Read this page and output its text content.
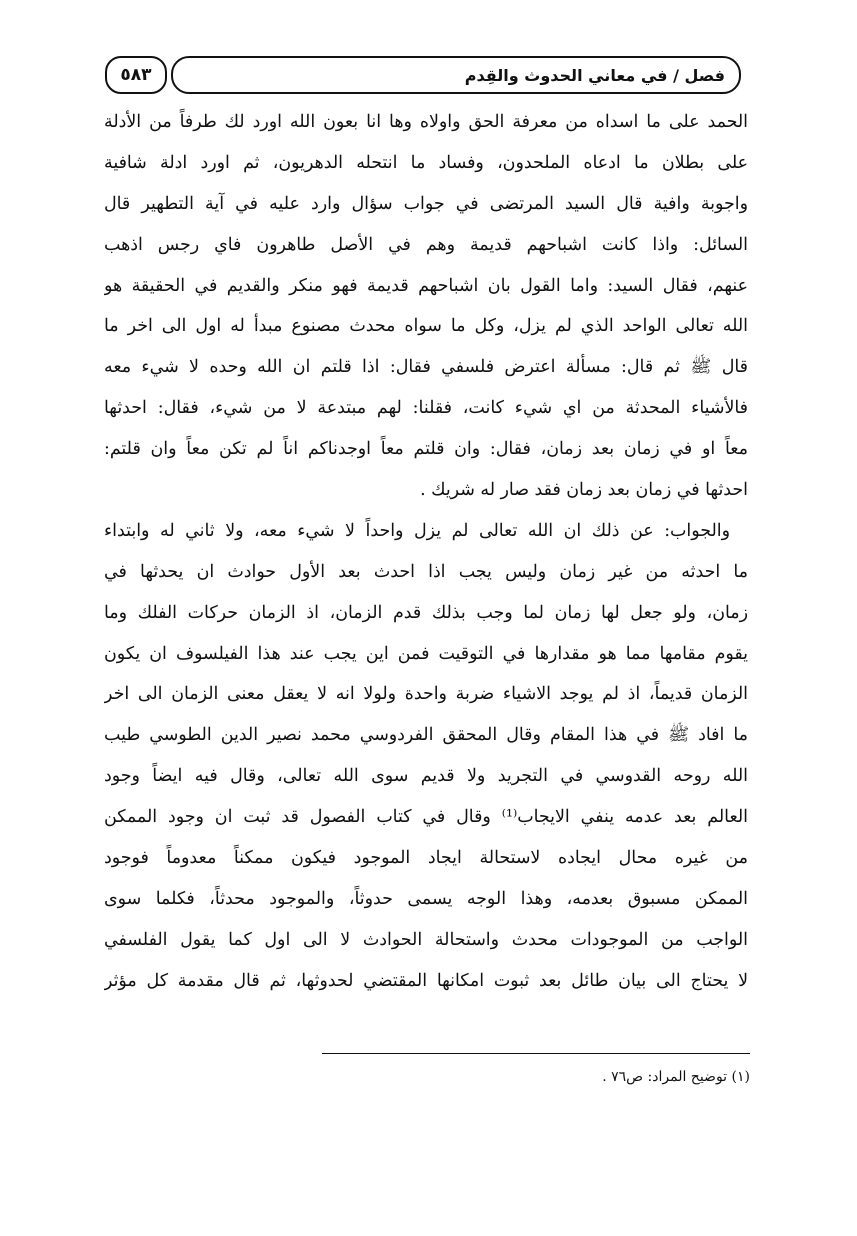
٥٨٣	فصل / في معاني الحدوث والقِدم
الحمد على ما اسداه من معرفة الحق واولاه وها انا بعون الله اورد لك طرفاً من الأدلة
على بطلان ما ادعاه الملحدون، وفساد ما انتحله الدهريون، ثم اورد ادلة شافية
واجوبة وافية قال السيد المرتضى في جواب سؤال وارد عليه في آية التطهير قال
السائل: واذا كانت اشباحهم قديمة وهم في الأصل طاهرون فاي رجس اذهب
عنهم، فقال السيد: واما القول بان اشباحهم قديمة فهو منكر والقديم في الحقيقة هو
الله تعالى الواحد الذي لم يزل، وكل ما سواه محدث مصنوع مبدأ له اول الى اخر ما
قال ﷺ ثم قال: مسألة اعترض فلسفي فقال: اذا قلتم ان الله وحده لا شيء معه
فالأشياء المحدثة من اي شيء كانت، فقلنا: لهم مبتدعة لا من شيء، فقال: احدثها
معاً او في زمان بعد زمان، فقال: وان قلتم معاً اوجدناكم اناً لم تكن معاً وان قلتم:
احدثها في زمان بعد زمان فقد صار له شريك .
والجواب: عن ذلك ان الله تعالى لم يزل واحداً لا شيء معه، ولا ثاني له وابتداء
ما احدثه من غير زمان وليس يجب اذا احدث بعد الأول حوادث ان يحدثها في
زمان، ولو جعل لها زمان لما وجب بذلك قدم الزمان، اذ الزمان حركات الفلك وما
يقوم مقامها مما هو مقدارها في التوقيت فمن اين يجب عند هذا الفيلسوف ان يكون
الزمان قديماً، اذ لم يوجد الاشياء ضربة واحدة ولولا انه لا يعقل معنى الزمان الى اخر
ما افاد ﷺ في هذا المقام وقال المحقق الفردوسي محمد نصير الدين الطوسي طيب
الله روحه القدوسي في التجريد ولا قديم سوى الله تعالى، وقال فيه ايضاً وجود
العالم بعد عدمه ينفي الايجاب⁽¹⁾ وقال في كتاب الفصول قد ثبت ان وجود الممكن
من غيره محال ايجاده لاستحالة ايجاد الموجود فيكون ممكناً معدوماً فوجود
الممكن مسبوق بعدمه، وهذا الوجه يسمى حدوثاً، والموجود محدثاً، فكلما سوى
الواجب من الموجودات محدث واستحالة الحوادث لا الى اول كما يقول الفلسفي
لا يحتاج الى بيان طائل بعد ثبوت امكانها المقتضي لحدوثها، ثم قال مقدمة كل مؤثر
(١) توضيح المراد: ص٧٦ .
